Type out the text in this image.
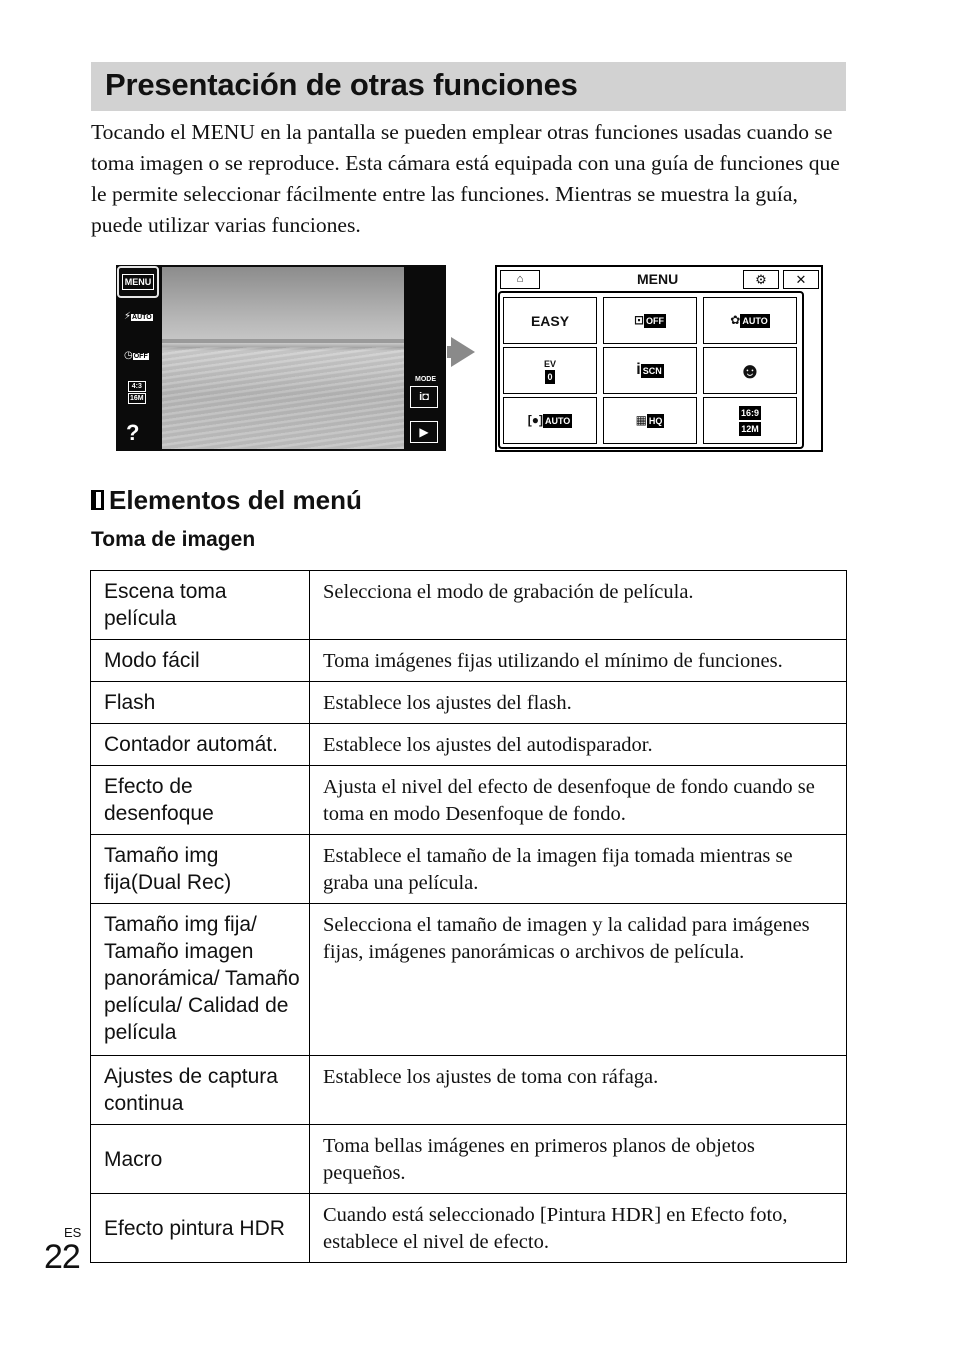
Presentación de otras funciones

Tocando el MENU en la pantalla se pueden emplear otras funciones usadas cuando se toma imagen o se reproduce. Esta cámara está equipada con una guía de funciones que le permite seleccionar fácilmente entre las funciones. Mientras se muestra la guía, puede utilizar varias funciones.

MENU
⚡AUTO
◷OFF
4:3
16M
?
MODE
i◘
▶
⌂	MENU	⚙	✕
EASY	⊡ OFF	✿ AUTO
EV
0	i SCN	☻
[●] AUTO	▦ HQ
16:9
12M
Elementos del menú
Toma de imagen
Escena toma película	Selecciona el modo de grabación de película.
Modo fácil	Toma imágenes fijas utilizando el mínimo de funciones.
Flash	Establece los ajustes del flash.
Contador automát.	Establece los ajustes del autodisparador.
Efecto de desenfoque	Ajusta el nivel del efecto de desenfoque de fondo cuando se toma en modo Desenfoque de fondo.
Tamaño img fija(Dual Rec)	Establece el tamaño de la imagen fija tomada mientras se graba una película.
Tamaño img fija/ Tamaño imagen panorámica/ Tamaño película/ Calidad de película	Selecciona el tamaño de imagen y la calidad para imágenes fijas, imágenes panorámicas o archivos de película.
Ajustes de captura continua	Establece los ajustes de toma con ráfaga.
Macro	Toma bellas imágenes en primeros planos de objetos pequeños.
Efecto pintura HDR	Cuando está seleccionado [Pintura HDR] en Efecto foto, establece el nivel de efecto.
ES
22
